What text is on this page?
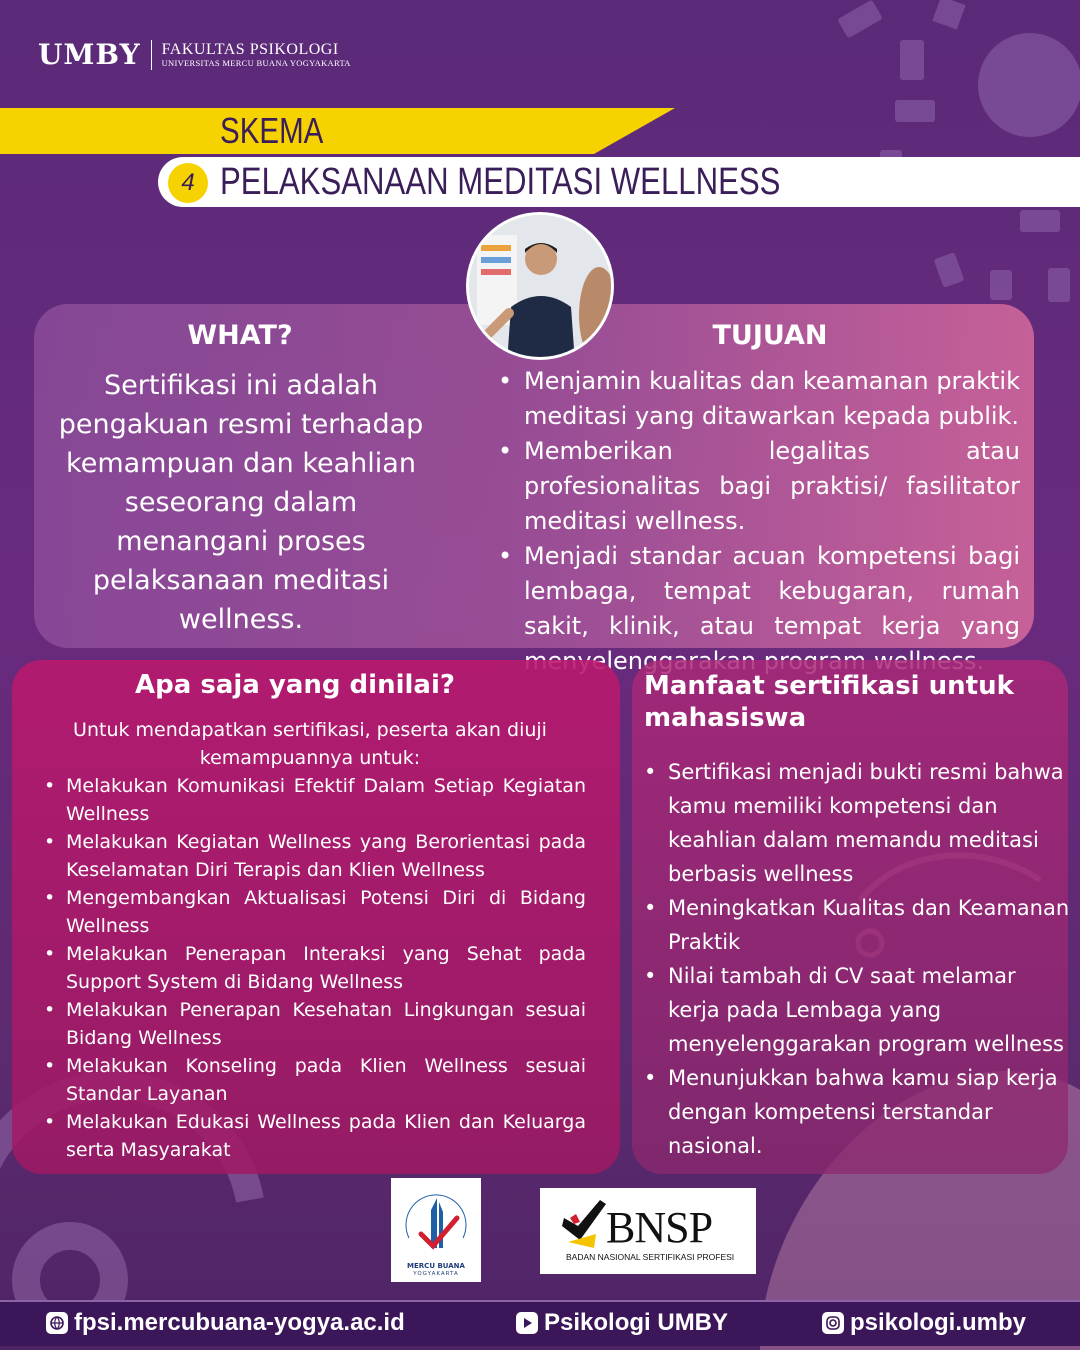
UMBY FAKULTAS PSIKOLOGI
UNIVERSITAS MERCU BUANA YOGYAKARTA
SKEMA
4 PELAKSANAAN MEDITASI WELLNESS
WHAT?
Sertifikasi ini adalah pengakuan resmi terhadap kemampuan dan keahlian seseorang dalam menangani proses pelaksanaan meditasi wellness.
TUJUAN
• Menjamin kualitas dan keamanan praktik meditasi yang ditawarkan kepada publik.
• Memberikan legalitas atau profesionalitas bagi praktisi/ fasilitator meditasi wellness.
• Menjadi standar acuan kompetensi bagi lembaga, tempat kebugaran, rumah sakit, klinik, atau tempat kerja yang menyelenggarakan
Apa saja yang dinilai?
Untuk mendapatkan sertifikasi, peserta akan diuji kemampuannya untuk:
• Melakukan Komunikasi Efektif Dalam Setiap Kegiatan Wellness
• Melakukan Kegiatan Wellness yang Berorientasi pada Keselamatan Diri Terapis dan Klien Wellness
• Mengembangkan Aktualisasi Potensi Diri di Bidang Wellness
• Melakukan Penerapan Interaksi yang Sehat pada Support System di Bidang Wellness
• Melakukan Penerapan Kesehatan Lingkungan sesuai Bidang Wellness
• Melakukan Konseling pada Klien Wellness sesuai Standar Layanan
• Melakukan Edukasi Wellness pada Klien dan Keluarga serta Masyarakat
Manfaat sertifikasi untuk mahasiswa
• Sertifikasi menjadi bukti resmi bahwa kamu memiliki kompetensi dan keahlian dalam memandu meditasi berbasis wellness
• Meningkatkan Kualitas dan Keamanan Praktik
• Nilai tambah di CV saat melamar kerja pada Lembaga yang menyelenggarakan program wellness
• Menunjukkan bahwa kamu siap kerja dengan kompetensi terstandar nasional.
MERCU BUANA
YOGYAKARTA
BNSP
BADAN NASIONAL SERTIFIKASI PROFESI
fpsi.mercubuana-yogya.ac.id	Psikologi UMBY	psikologi.umby
